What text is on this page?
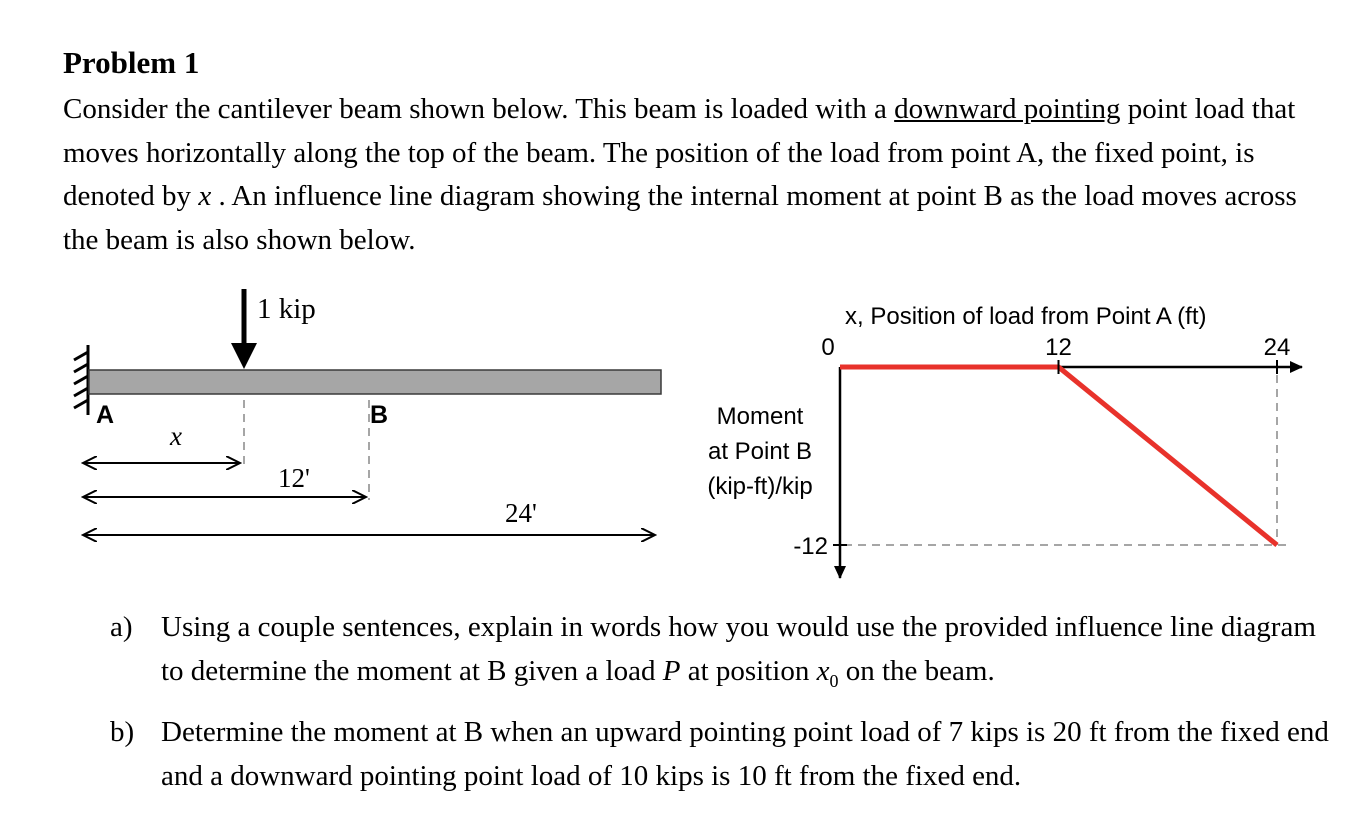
Problem 1

Consider the cantilever beam shown below. This beam is loaded with a downward pointing point load that moves horizontally along the top of the beam. The position of the load from point A, the fixed point, is denoted by x . An influence line diagram showing the internal moment at point B as the load moves across the beam is also shown below.

1 kip
A	B
x
12'
24'
x, Position of load from Point A (ft)
Moment
at Point B
(kip-ft)/kip
0	12	24
-12
a) Using a couple sentences, explain in words how you would use the provided influence line diagram to determine the moment at B given a load P at position $x_0$ on the beam.
b) Determine the moment at B when an upward pointing point load of 7 kips is 20 ft from the fixed end and a downward pointing point load of 10 kips is 10 ft from the fixed end.
